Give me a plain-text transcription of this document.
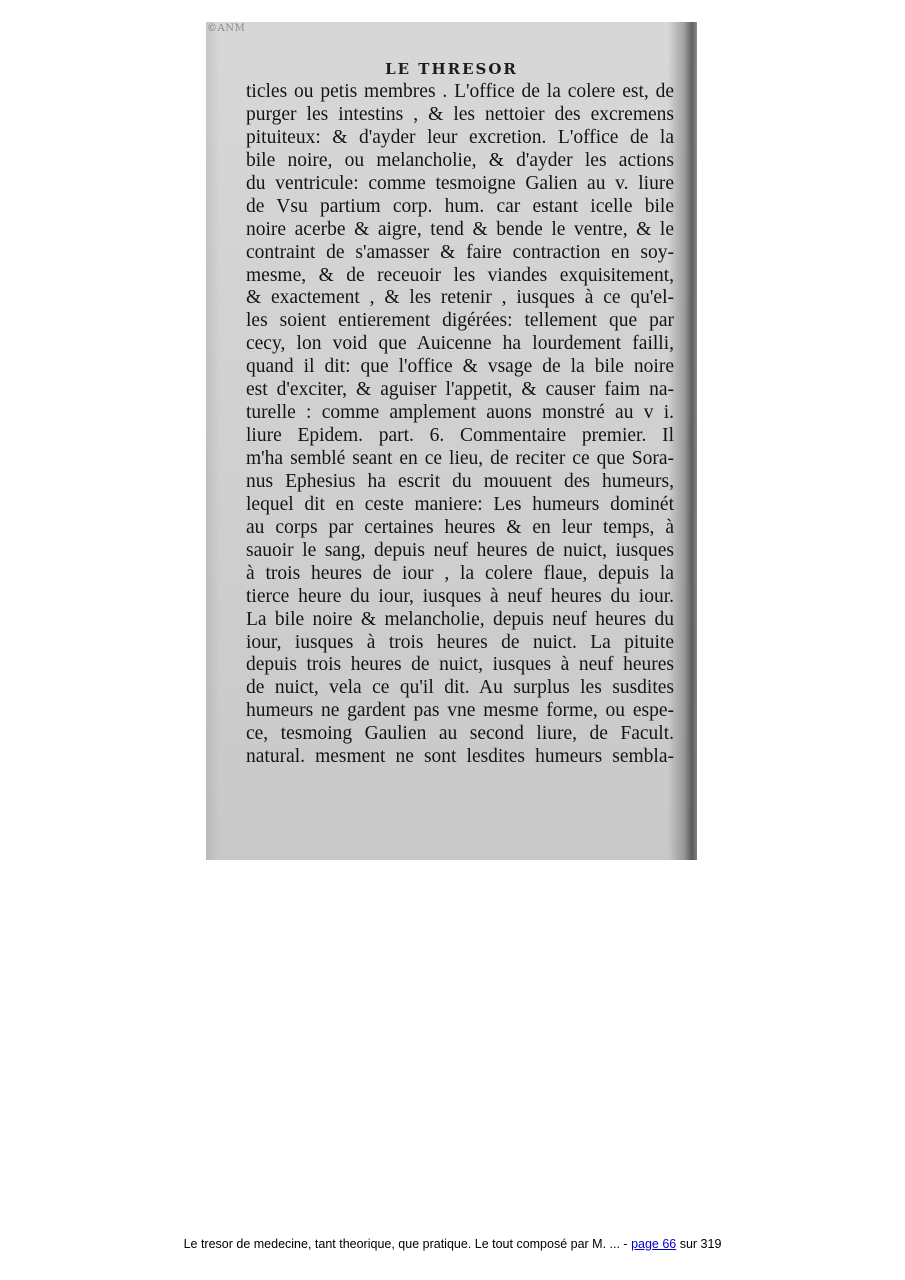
©ANM
LE THRESOR
ticles ou petis membres . L'office de la colere est, de
purger les intestins , & les nettoier des excremens
pituiteux: & d'ayder leur excretion. L'office de la
bile noire, ou melancholie, & d'ayder les actions
du ventricule: comme tesmoigne Galien au v. liure
de Vsu partium corp. hum. car estant icelle bile
noire acerbe & aigre, tend & bende le ventre, & le
contraint de s'amasser & faire contraction en soy-
mesme, & de receuoir les viandes exquisitement,
& exactement , & les retenir , iusques à ce qu'el-
les soient entierement digérées: tellement que par
cecy, lon void que Auicenne ha lourdement failli,
quand il dit: que l'office & vsage de la bile noire
est d'exciter, & aguiser l'appetit, & causer faim na-
turelle : comme amplement auons monstré au v i.
liure Epidem. part. 6. Commentaire premier. Il
m'ha semblé seant en ce lieu, de reciter ce que Sora-
nus Ephesius ha escrit du mouuent des humeurs,
lequel dit en ceste maniere: Les humeurs dominét
au corps par certaines heures & en leur temps, à
sauoir le sang, depuis neuf heures de nuict, iusques
à trois heures de iour , la colere flaue, depuis la
tierce heure du iour, iusques à neuf heures du iour.
La bile noire & melancholie, depuis neuf heures du
iour, iusques à trois heures de nuict. La pituite
depuis trois heures de nuict, iusques à neuf heures
de nuict, vela ce qu'il dit. Au surplus les susdites
humeurs ne gardent pas vne mesme forme, ou espe-
ce, tesmoing Gaulien au second liure, de Facult.
natural. mesment ne sont lesdites humeurs sembla-
Le tresor de medecine, tant theorique, que pratique. Le tout composé par M. ... - page 66 sur 319
